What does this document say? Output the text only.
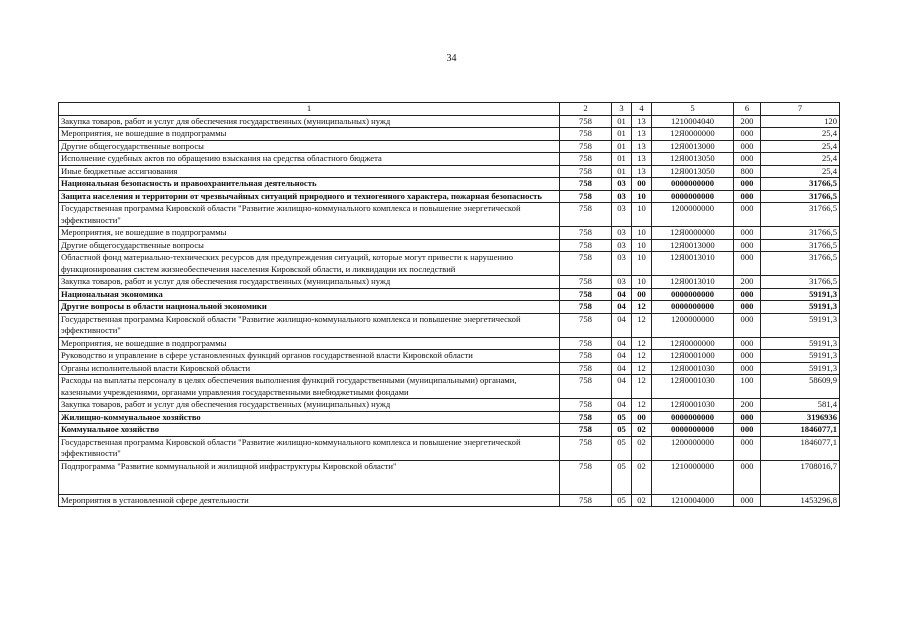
34
1	2	3	4	5	6	7
Закупка товаров, работ и услуг для обеспечения государственных (муниципальных) нужд	758	01	13	1210004040	200	120
Мероприятия, не вошедшие в подпрограммы	758	01	13	12Я0000000	000	25,4
Другие общегосударственные вопросы	758	01	13	12Я0013000	000	25,4
Исполнение судебных актов по обращению взыскания на средства областного бюджета	758	01	13	12Я0013050	000	25,4
Иные бюджетные ассигнования	758	01	13	12Я0013050	800	25,4
Национальная безопасность и правоохранительная деятельность	758	03	00	0000000000	000	31766,5
Защита населения и территории от чрезвычайных ситуаций природного и техногенного характера, пожарная безопасность	758	03	10	0000000000	000	31766,5
Государственная программа Кировской области "Развитие жилищно-коммунального комплекса и повышение энергетической эффективности"	758	03	10	1200000000	000	31766,5
Мероприятия, не вошедшие в подпрограммы	758	03	10	12Я0000000	000	31766,5
Другие общегосударственные вопросы	758	03	10	12Я0013000	000	31766,5
Областной фонд материально-технических ресурсов для предупреждения ситуаций, которые могут привести к нарушению функционирования систем жизнеобеспечения населения Кировской области, и ликвидации их последствий	758	03	10	12Я0013010	000	31766,5
Закупка товаров, работ и услуг для обеспечения государственных (муниципальных) нужд	758	03	10	12Я0013010	200	31766,5
Национальная экономика	758	04	00	0000000000	000	59191,3
Другие вопросы в области национальной экономики	758	04	12	0000000000	000	59191,3
Государственная программа Кировской области "Развитие жилищно-коммунального комплекса и повышение энергетической эффективности"	758	04	12	1200000000	000	59191,3
Мероприятия, не вошедшие в подпрограммы	758	04	12	12Я0000000	000	59191,3
Руководство и управление в сфере установленных функций органов государственной власти Кировской области	758	04	12	12Я0001000	000	59191,3
Органы исполнительной власти Кировской области	758	04	12	12Я0001030	000	59191,3
Расходы на выплаты персоналу в целях обеспечения выполнения функций государственными (муниципальными) органами, казенными учреждениями, органами управления государственными внебюджетными фондами	758	04	12	12Я0001030	100	58609,9
Закупка товаров, работ и услуг для обеспечения государственных (муниципальных) нужд	758	04	12	12Я0001030	200	581,4
Жилищно-коммунальное хозяйство	758	05	00	0000000000	000	3196936
Коммунальное хозяйство	758	05	02	0000000000	000	1846077,1
Государственная программа Кировской области "Развитие жилищно-коммунального комплекса и повышение энергетической эффективности"	758	05	02	1200000000	000	1846077,1
Подпрограмма "Развитие коммунальной и жилищной инфраструктуры Кировской области"	758	05	02	1210000000	000	1708016,7
Мероприятия в установленной сфере деятельности	758	05	02	1210004000	000	1453296,8
